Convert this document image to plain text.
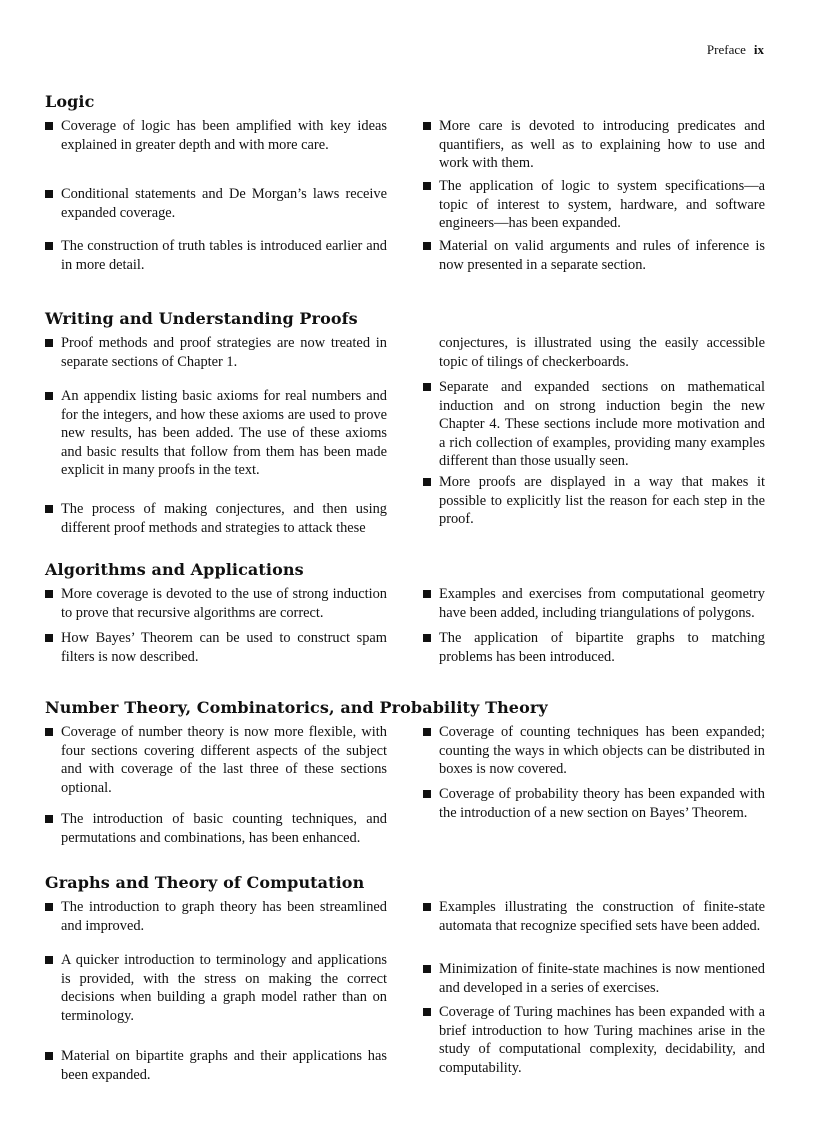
Preface ix
Logic
Coverage of logic has been amplified with key ideas explained in greater depth and with more care.
Conditional statements and De Morgan’s laws receive expanded coverage.
The construction of truth tables is introduced earlier and in more detail.
More care is devoted to introducing predicates and quantifiers, as well as to explaining how to use and work with them.
The application of logic to system specifications—a topic of interest to system, hardware, and software engineers—has been expanded.
Material on valid arguments and rules of inference is now presented in a separate section.
Writing and Understanding Proofs
Proof methods and proof strategies are now treated in separate sections of Chapter 1.
An appendix listing basic axioms for real numbers and for the integers, and how these axioms are used to prove new results, has been added. The use of these axioms and basic results that follow from them has been made explicit in many proofs in the text.
The process of making conjectures, and then using different proof methods and strategies to attack these
conjectures, is illustrated using the easily accessible topic of tilings of checkerboards.
Separate and expanded sections on mathematical induction and on strong induction begin the new Chapter 4. These sections include more motivation and a rich collection of examples, providing many examples different than those usually seen.
More proofs are displayed in a way that makes it possible to explicitly list the reason for each step in the proof.
Algorithms and Applications
More coverage is devoted to the use of strong induction to prove that recursive algorithms are correct.
How Bayes’ Theorem can be used to construct spam filters is now described.
Examples and exercises from computational geometry have been added, including triangulations of polygons.
The application of bipartite graphs to matching problems has been introduced.
Number Theory, Combinatorics, and Probability Theory
Coverage of number theory is now more flexible, with four sections covering different aspects of the subject and with coverage of the last three of these sections optional.
The introduction of basic counting techniques, and permutations and combinations, has been enhanced.
Coverage of counting techniques has been expanded; counting the ways in which objects can be distributed in boxes is now covered.
Coverage of probability theory has been expanded with the introduction of a new section on Bayes’ Theorem.
Graphs and Theory of Computation
The introduction to graph theory has been streamlined and improved.
A quicker introduction to terminology and applications is provided, with the stress on making the correct decisions when building a graph model rather than on terminology.
Material on bipartite graphs and their applications has been expanded.
Examples illustrating the construction of finite-state automata that recognize specified sets have been added.
Minimization of finite-state machines is now mentioned and developed in a series of exercises.
Coverage of Turing machines has been expanded with a brief introduction to how Turing machines arise in the study of computational complexity, decidability, and computability.
